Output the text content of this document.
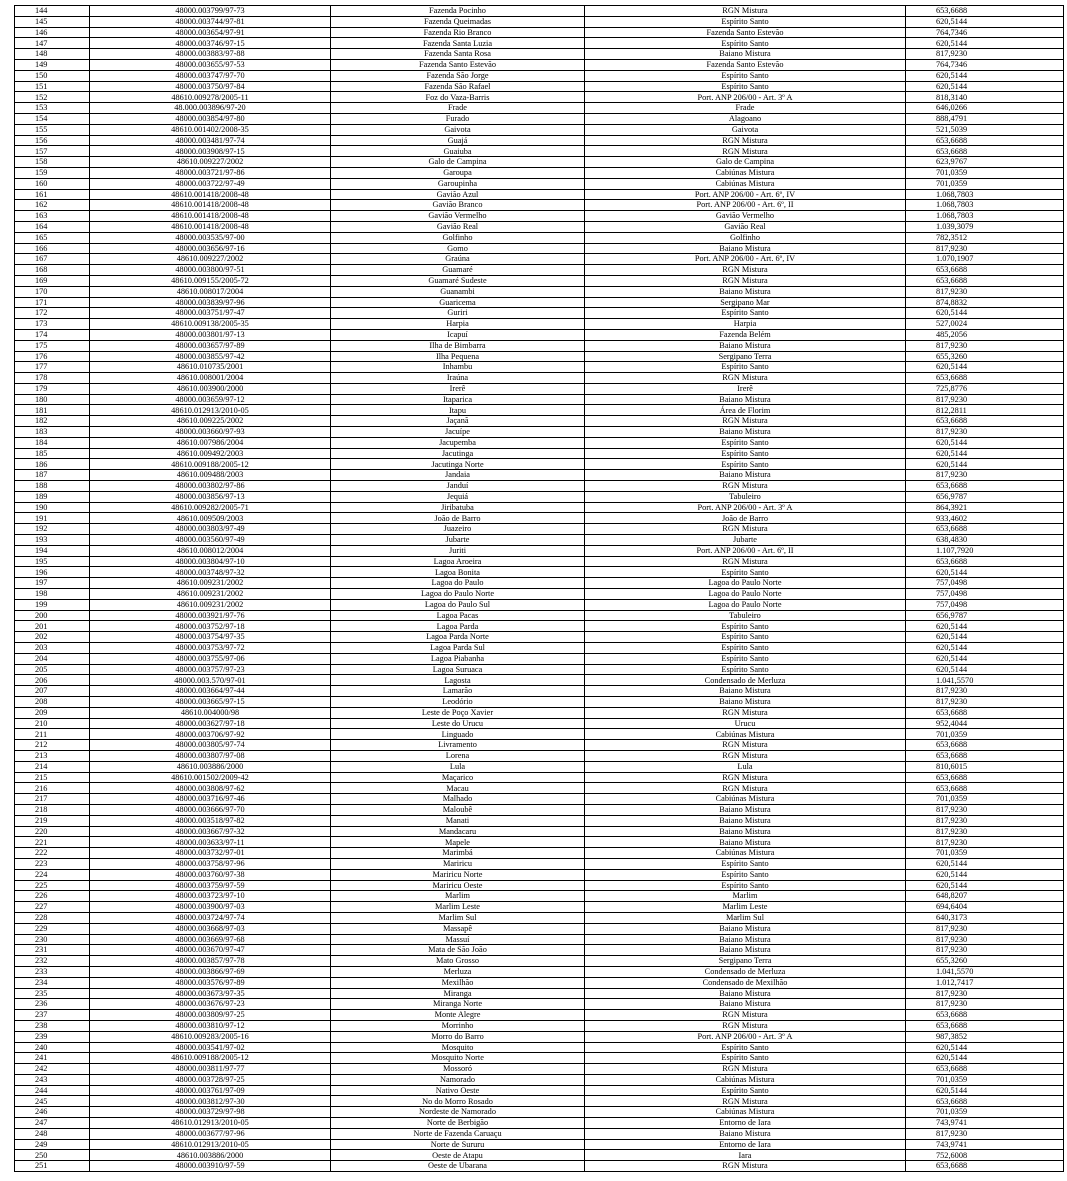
144	48000.003799/97-73	Fazenda Pocinho	RGN Mistura	653,6688
145	48000.003744/97-81	Fazenda Queimadas	Espírito Santo	620,5144
146	48000.003654/97-91	Fazenda Rio Branco	Fazenda Santo Estevão	764,7346
147	48000.003746/97-15	Fazenda Santa Luzia	Espírito Santo	620,5144
148	48000.003883/97-88	Fazenda Santa Rosa	Baiano Mistura	817,9230
149	48000.003655/97-53	Fazenda Santo Estevão	Fazenda Santo Estevão	764,7346
150	48000.003747/97-70	Fazenda São Jorge	Espírito Santo	620,5144
151	48000.003750/97-84	Fazenda São Rafael	Espírito Santo	620,5144
152	48610.009278/2005-11	Foz do Vaza-Barris	Port. ANP 206/00 - Art. 3º A	818,3140
153	48.000.003896/97-20	Frade	Frade	646,0266
154	48000.003854/97-80	Furado	Alagoano	888,4791
155	48610.001402/2008-35	Gaivota	Gaivota	521,5039
156	48000.003481/97-74	Guajá	RGN Mistura	653,6688
157	48000.003908/97-15	Guaiuba	RGN Mistura	653,6688
158	48610.009227/2002	Galo de Campina	Galo de Campina	623,9767
159	48000.003721/97-86	Garoupa	Cabiúnas Mistura	701,0359
160	48000.003722/97-49	Garoupinha	Cabiúnas Mistura	701,0359
161	48610.001418/2008-48	Gavião Azul	Port. ANP 206/00 - Art. 6º, IV	1.068,7803
162	48610.001418/2008-48	Gavião Branco	Port. ANP 206/00 - Art. 6º, II	1.068,7803
163	48610.001418/2008-48	Gavião Vermelho	Gavião Vermelho	1.068,7803
164	48610.001418/2008-48	Gavião Real	Gavião Real	1.039,3079
165	48000.003535/97-00	Golfinho	Golfinho	782,3512
166	48000.003656/97-16	Gomo	Baiano Mistura	817,9230
167	48610.009227/2002	Graúna	Port. ANP 206/00 - Art. 6º, IV	1.070,1907
168	48000.003800/97-51	Guamaré	RGN Mistura	653,6688
169	48610.009155/2005-72	Guamaré Sudeste	RGN Mistura	653,6688
170	48610.008017/2004	Guanambi	Baiano Mistura	817,9230
171	48000.003839/97-96	Guaricema	Sergipano Mar	874,8832
172	48000.003751/97-47	Guriri	Espírito Santo	620,5144
173	48610.009138/2005-35	Harpia	Harpia	527,0024
174	48000.003801/97-13	Icapuí	Fazenda Belém	485,2056
175	48000.003657/97-89	Ilha de Bimbarra	Baiano Mistura	817,9230
176	48000.003855/97-42	Ilha Pequena	Sergipano Terra	655,3260
177	48610.010735/2001	Inhambu	Espírito Santo	620,5144
178	48610.008001/2004	Iraúna	RGN Mistura	653,6688
179	48610.003900/2000	Irerê	Irerê	725,8776
180	48000.003659/97-12	Itaparica	Baiano Mistura	817,9230
181	48610.012913/2010-05	Itapu	Área de Florim	812,2811
182	48610.009225/2002	Jaçanã	RGN Mistura	653,6688
183	48000.003660/97-93	Jacuípe	Baiano Mistura	817,9230
184	48610.007986/2004	Jacupemba	Espírito Santo	620,5144
185	48610.009492/2003	Jacutinga	Espírito Santo	620,5144
186	48610.009188/2005-12	Jacutinga Norte	Espírito Santo	620,5144
187	48610.009488/2003	Jandaia	Baiano Mistura	817,9230
188	48000.003802/97-86	Janduí	RGN Mistura	653,6688
189	48000.003856/97-13	Jequiá	Tabuleiro	656,9787
190	48610.009282/2005-71	Jiribatuba	Port. ANP 206/00 - Art. 3º A	864,3921
191	48610.009509/2003	João de Barro	João de Barro	933,4602
192	48000.003803/97-49	Juazeiro	RGN Mistura	653,6688
193	48000.003560/97-49	Jubarte	Jubarte	638,4830
194	48610.008012/2004	Juriti	Port. ANP 206/00 - Art. 6º, II	1.107,7920
195	48000.003804/97-10	Lagoa Aroeira	RGN Mistura	653,6688
196	48000.003748/97-32	Lagoa Bonita	Espírito Santo	620,5144
197	48610.009231/2002	Lagoa do Paulo	Lagoa do Paulo Norte	757,0498
198	48610.009231/2002	Lagoa do Paulo Norte	Lagoa do Paulo Norte	757,0498
199	48610.009231/2002	Lagoa do Paulo Sul	Lagoa do Paulo Norte	757,0498
200	48000.003921/97-76	Lagoa Pacas	Tabuleiro	656,9787
201	48000.003752/97-18	Lagoa Parda	Espírito Santo	620,5144
202	48000.003754/97-35	Lagoa Parda Norte	Espírito Santo	620,5144
203	48000.003753/97-72	Lagoa Parda Sul	Espírito Santo	620,5144
204	48000.003755/97-06	Lagoa Piabanha	Espírito Santo	620,5144
205	48000.003757/97-23	Lagoa Suruaca	Espírito Santo	620,5144
206	48000.003.570/97-01	Lagosta	Condensado de Merluza	1.041,5570
207	48000.003664/97-44	Lamarão	Baiano Mistura	817,9230
208	48000.003665/97-15	Leodório	Baiano Mistura	817,9230
209	48610.004000/98	Leste de Poço Xavier	RGN Mistura	653,6688
210	48000.003627/97-18	Leste do Urucu	Urucu	952,4044
211	48000.003706/97-92	Linguado	Cabiúnas Mistura	701,0359
212	48000.003805/97-74	Livramento	RGN Mistura	653,6688
213	48000.003807/97-08	Lorena	RGN Mistura	653,6688
214	48610.003886/2000	Lula	Lula	810,6015
215	48610.001502/2009-42	Maçarico	RGN Mistura	653,6688
216	48000.003808/97-62	Macau	RGN Mistura	653,6688
217	48000.003716/97-46	Malhado	Cabiúnas Mistura	701,0359
218	48000.003666/97-70	Maloubê	Baiano Mistura	817,9230
219	48000.003518/97-82	Manati	Baiano Mistura	817,9230
220	48000.003667/97-32	Mandacaru	Baiano Mistura	817,9230
221	48000.003633/97-11	Mapele	Baiano Mistura	817,9230
222	48000.003732/97-01	Marimbá	Cabiúnas Mistura	701,0359
223	48000.003758/97-96	Mariricu	Espírito Santo	620,5144
224	48000.003760/97-38	Mariricu Norte	Espírito Santo	620,5144
225	48000.003759/97-59	Mariricu Oeste	Espírito Santo	620,5144
226	48000.003723/97-10	Marlim	Marlim	648,8207
227	48000.003900/97-03	Marlim Leste	Marlim Leste	694,6404
228	48000.003724/97-74	Marlim Sul	Marlim Sul	640,3173
229	48000.003668/97-03	Massapê	Baiano Mistura	817,9230
230	48000.003669/97-68	Massuí	Baiano Mistura	817,9230
231	48000.003670/97-47	Mata de São João	Baiano Mistura	817,9230
232	48000.003857/97-78	Mato Grosso	Sergipano Terra	655,3260
233	48000.003866/97-69	Merluza	Condensado de Merluza	1.041,5570
234	48000.003576/97-89	Mexilhão	Condensado de Mexilhão	1.012,7417
235	48000.003673/97-35	Miranga	Baiano Mistura	817,9230
236	48000.003676/97-23	Miranga Norte	Baiano Mistura	817,9230
237	48000.003809/97-25	Monte Alegre	RGN Mistura	653,6688
238	48000.003810/97-12	Morrinho	RGN Mistura	653,6688
239	48610.009283/2005-16	Morro do Barro	Port. ANP 206/00 - Art. 3º A	987,3852
240	48000.003541/97-02	Mosquito	Espírito Santo	620,5144
241	48610.009188/2005-12	Mosquito Norte	Espírito Santo	620,5144
242	48000.003811/97-77	Mossoró	RGN Mistura	653,6688
243	48000.003728/97-25	Namorado	Cabiúnas Mistura	701,0359
244	48000.003761/97-09	Nativo Oeste	Espírito Santo	620,5144
245	48000.003812/97-30	No do Morro Rosado	RGN Mistura	653,6688
246	48000.003729/97-98	Nordeste de Namorado	Cabiúnas Mistura	701,0359
247	48610.012913/2010-05	Norte de Berbigão	Entorno de Iara	743,9741
248	48000.003677/97-96	Norte de Fazenda Caruaçu	Baiano Mistura	817,9230
249	48610.012913/2010-05	Norte de Sururu	Entorno de Iara	743,9741
250	48610.003886/2000	Oeste de Atapu	Iara	752,6008
251	48000.003910/97-59	Oeste de Ubarana	RGN Mistura	653,6688
